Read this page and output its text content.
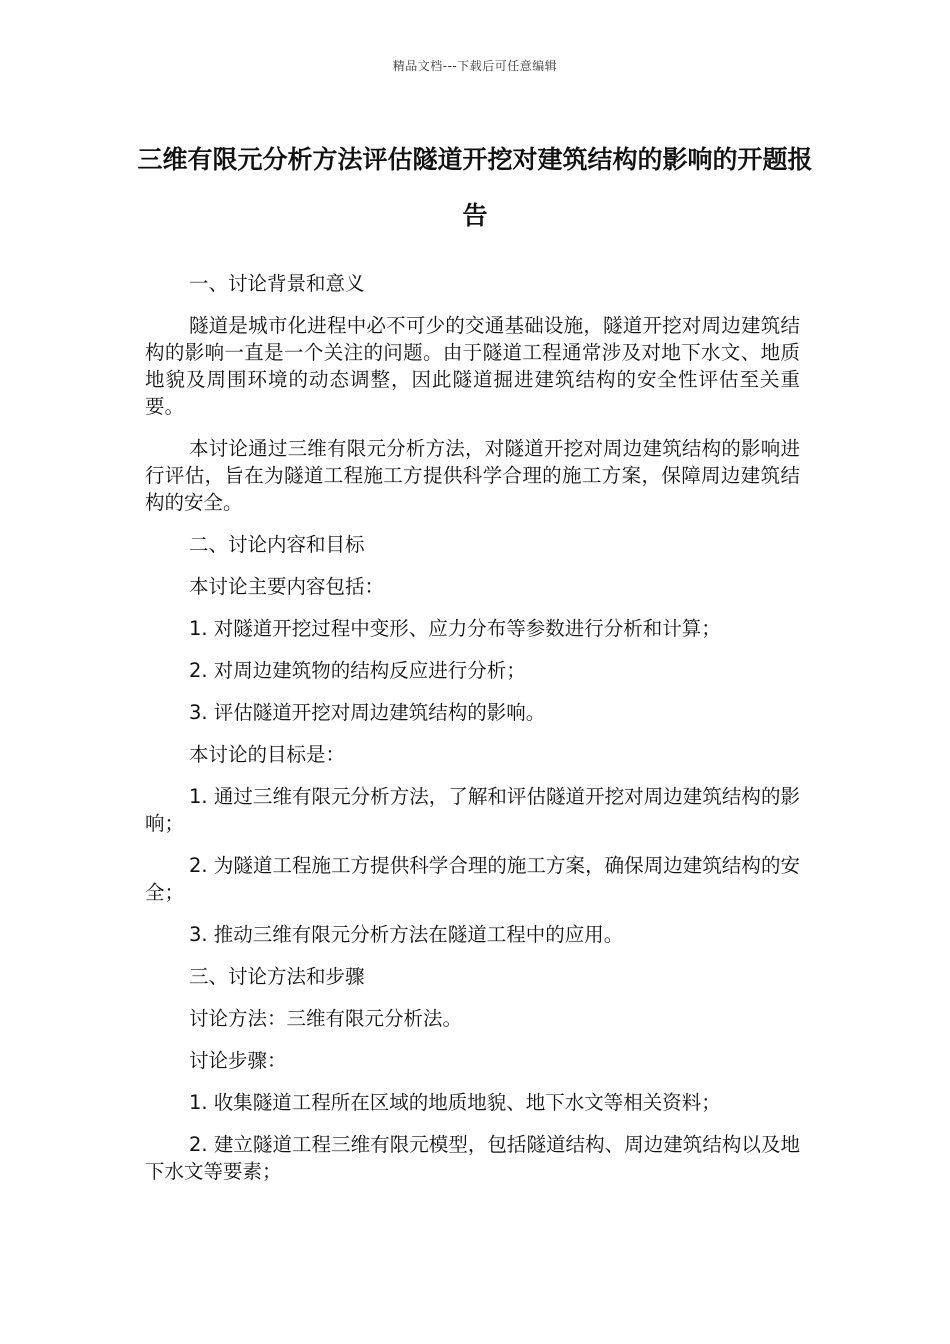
精品文档---下载后可任意编辑
三维有限元分析方法评估隧道开挖对建筑结构的影响的开题报告

一、讨论背景和意义

隧道是城市化进程中必不可少的交通基础设施，隧道开挖对周边建筑结构的影响一直是一个关注的问题。由于隧道工程通常涉及对地下水文、地质地貌及周围环境的动态调整，因此隧道掘进建筑结构的安全性评估至关重要。

本讨论通过三维有限元分析方法，对隧道开挖对周边建筑结构的影响进行评估，旨在为隧道工程施工方提供科学合理的施工方案，保障周边建筑结构的安全。

二、讨论内容和目标

本讨论主要内容包括：

1. 对隧道开挖过程中变形、应力分布等参数进行分析和计算；

2. 对周边建筑物的结构反应进行分析；

3. 评估隧道开挖对周边建筑结构的影响。

本讨论的目标是：

1. 通过三维有限元分析方法，了解和评估隧道开挖对周边建筑结构的影响；

2. 为隧道工程施工方提供科学合理的施工方案，确保周边建筑结构的安全；

3. 推动三维有限元分析方法在隧道工程中的应用。

三、讨论方法和步骤

讨论方法：三维有限元分析法。

讨论步骤：

1. 收集隧道工程所在区域的地质地貌、地下水文等相关资料；

2. 建立隧道工程三维有限元模型，包括隧道结构、周边建筑结构以及地下水文等要素；
